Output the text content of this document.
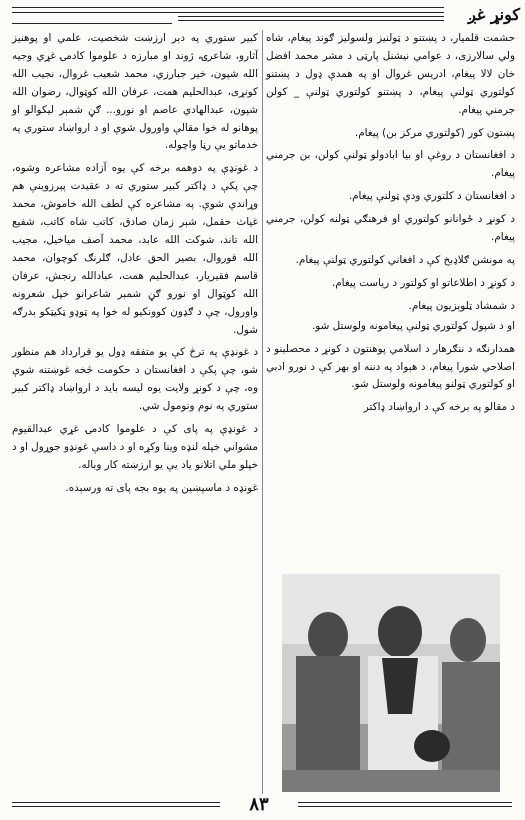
کونړ غږ

حشمت قلمیار، د پښتنو د ټولنيز ولسوليز ګوند پيغام، شاه ولي سالارزی، د عوامي نيشنل پارټی د مشر محمد افضل خان لالا پيغام، ادريس غروال او په همدې ډول د پښتنو کولتوري ټولنې پيغام، د پښتنو کولتوري ټولنې _ کولن جرمني پيغام.

پښتون کور (کولتوري مرکز بن) پيغام.

د افغانستان د روغې او بيا ابادولو ټولنې کولن، بن جرمني پيغام.

د افغانستان د کلتوري ودې ټولنې پيغام.

د کونړ د ځوانانو کولتوري او فرهنګي ټولنه کولن، جرمني پيغام.

په مونشن ګلاډبخ کې د افغاني کولتوري ټولنې پيغام.

د کونړ د اطلاعاتو او کولتور د رياست پيغام.

د شمشاد ټلوېزيون پيغام.

او د شپول کولتوري ټولنې پيغامونه ولوستل شو.

همدارنګه د ننګرهار د اسلامي پوهنتون د کونړ د محصلينو د اصلاحي شورا پيغام، د هېواد په دننه او بهر کې د نورو ادبي او کولتوري ټولنو پيغامونه ولوستل شو.

د مقالو په برخه کې د ارواښاد ډاکتر

کبير ستوري په دېر ارزښت شخصيت، علمي او پوهنيز آثارو، شاعرۍ، ژوند او مبارزه د علوموا کادمۍ غړي وجيه الله شپون، خير جبارزي، محمد شعيب غروال، نجيب الله کونړی، عبدالحليم همت، عرفان الله کوټوال، رضوان الله شپون، عبدالهادي عاصم او نورو... ګڼ شمېر ليکوالو او پوهانو له خوا مقالې واورول شوې او د ارواښاد ستوري په خدماتو يې رڼا واچوله.

د غونډې په دوهمه برخه کې يوه آزاده مشاعره وشوه، چې پکې د ډاکتر کبير ستوري ته د عقيدت پېرزوينې هم وړاندې شوې. په مشاعره کې لطف الله خاموش، محمد غياث حقمل، شېر زمان صادق، کاتب شاه کاتب، شفيع الله تاند، شوکت الله عابد، محمد آصف مياخيل، مجيب الله قوروال، بصير الحق عادل، ګلرنګ کوچوان، محمد قاسم فقيريار، عبدالحليم همت، عبادالله رنجش، عرفان الله کوټوال او نورو ګڼ شمېر شاعرانو خپل شعرونه واورول، چې د ګډون کوونکيو له خوا په ټوډو ټکيټکو بدرګه شول.

د غونډې په ترڅ کې يو متفقه ډول يو قرارداد هم منظور شو، چې پکې د افغانستان د حکومت څخه غوښتنه شوې وه، چې د کونړ ولايت يوه ليسه بايد د ارواښاد ډاکتر کبير ستوري په نوم ونومول شي.

د غونډې په پای کې د علوموا کادمۍ غړي عبدالقيوم مشواني خپله لنډه وينا وکړه او د داسې غونډو جوړول او د خپلو ملي اتلانو ياد يې يو ارزښته کار وباله.

غونډه د ماسپښين په يوه بجه پای ته ورسېده.

۸۳
